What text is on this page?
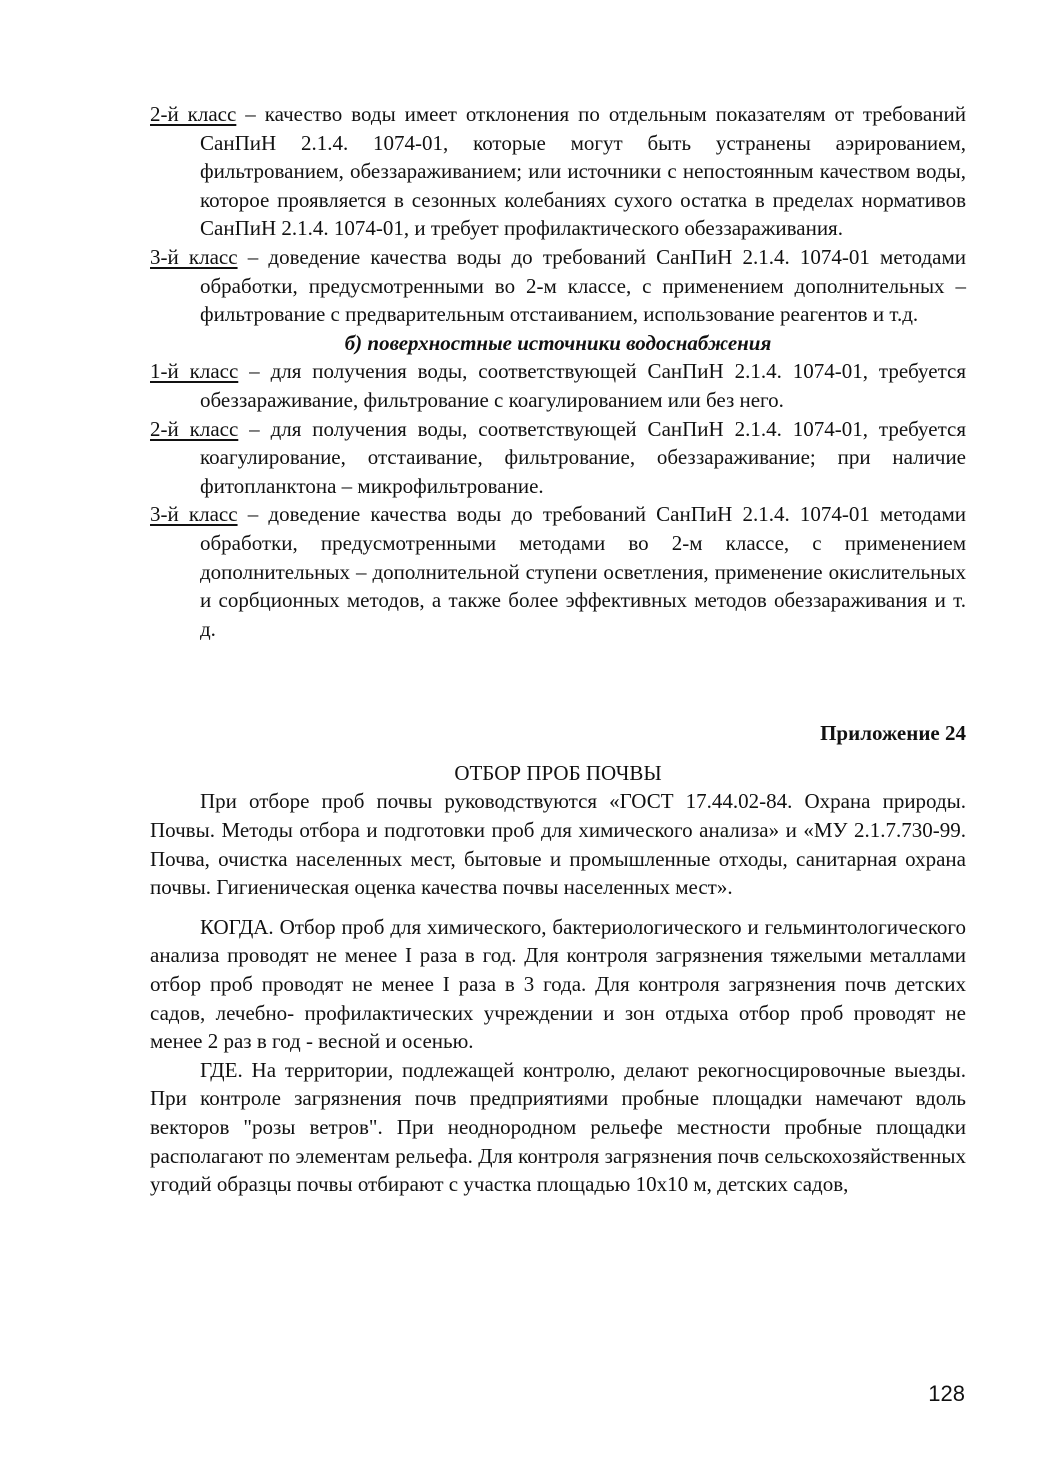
2-й класс – качество воды имеет отклонения по отдельным показателям от требований СанПиН 2.1.4. 1074-01, которые могут быть устранены аэрированием, фильтрованием, обеззараживанием; или источники с непостоянным качеством воды, которое проявляется в сезонных колебаниях сухого остатка в пределах нормативов СанПиН 2.1.4. 1074-01, и требует профилактического обеззараживания.

3-й класс – доведение качества воды до требований СанПиН 2.1.4. 1074-01 методами обработки, предусмотренными во 2-м классе, с применением дополнительных – фильтрование с предварительным отстаиванием, использование реагентов и т.д.

б) поверхностные источники водоснабжения

1-й класс – для получения воды, соответствующей СанПиН 2.1.4. 1074-01, требуется обеззараживание, фильтрование с коагулированием или без него.

2-й класс – для получения воды, соответствующей СанПиН 2.1.4. 1074-01, требуется коагулирование, отстаивание, фильтрование, обеззараживание; при наличие фитопланктона – микрофильтрование.

3-й класс – доведение качества воды до требований СанПиН 2.1.4. 1074-01 методами обработки, предусмотренными методами во 2-м классе, с применением дополнительных – дополнительной ступени осветления, применение окислительных и сорбционных методов, а также более эффективных методов обеззараживания и т. д.

Приложение 24

ОТБОР ПРОБ ПОЧВЫ

При отборе проб почвы руководствуются «ГОСТ 17.44.02-84. Охрана природы. Почвы. Методы отбора и подготовки проб для химического анализа» и «МУ 2.1.7.730-99. Почва, очистка населенных мест, бытовые и промышленные отходы, санитарная охрана почвы. Гигиеническая оценка качества почвы населенных мест».

КОГДА. Отбор проб для химического, бактериологического и гельминтологического анализа проводят не менее I раза в год. Для контроля загрязнения тяжелыми металлами отбор проб проводят не менее I раза в 3 года. Для контроля загрязнения почв детских садов, лечебно- профилактических учреждении и зон отдыха отбор проб проводят не менее 2 раз в год - весной и осенью.

ГДЕ. На территории, подлежащей контролю, делают рекогносцировочные выезды. При контроле загрязнения почв предприятиями пробные площадки намечают вдоль векторов "розы ветров". При неоднородном рельефе местности пробные площадки располагают по элементам рельефа. Для контроля загрязнения почв сельскохозяйственных угодий образцы почвы отбирают с участка площадью 10х10 м, детских садов,

128
